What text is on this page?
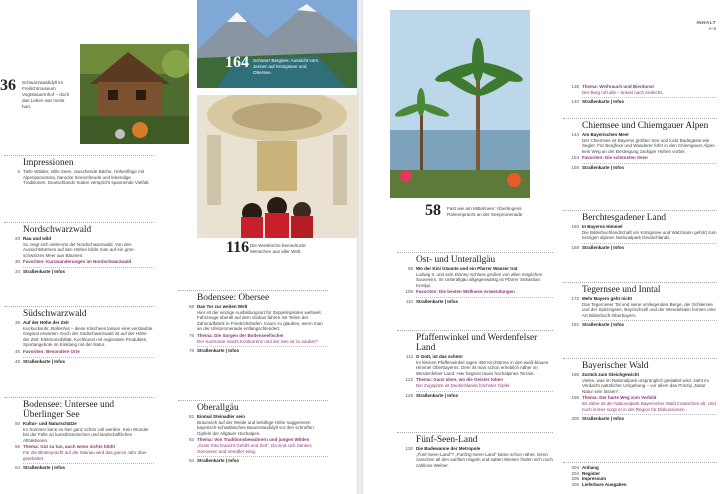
36 Schwarzwaldidyll im Freilichtmuseum Vogtsbauernhof – doch das Leben war meist hart.
164 Schöner Bergsee: Aussicht vom Jenner auf Königssee und Obersee.
116 Die Wieskirche beeindruckt Menschen aus aller Welt.
Impressionen
6 Tiefe Wälder, stille Seen, rauschende Bäche, Höhenflüge mit Alpenpanorama, barocke Sinnenfreude und lebendige Traditionen: Deutschlands Süden verspricht spannende Vielfalt.
Nordschwarzwald
20 Rau und wild
So zeigt sich vielerorts der Nordschwarzwald. Von den Aussichtstürmen auf den Höhen blickt man auf ein grün-schwarzes Meer aus Bäumen.
30 Favoriten: Kurzwanderungen im Nordschwarzwald
34 Straßenkarte | Infos
Südschwarzwald
36 Auf der Höhe der Zeit
Kuckucksuhr, Bollenhut – diese Klischees lassen eine verstaubte Gegend erwarten. Doch der Südschwarzwald ist auf der Höhe der Zeit: Elektromobilität, Kochkunst mit regionalen Produkten, Sportangebote im Einklang mit der Natur.
46 Favoriten: Besondere Orte
48 Straßenkarte | Infos
Bodensee: Untersee und Überlinger See
50 Kultur- und Naturschätze
Im Sommer kann es hier ganz schön voll werden. Kein Wunder bei der Fülle an kunsthistorischen und landschaftlichen Attraktionen.
56 Thema: Gut zu tun, auch wenn nichts blüht
Für die Blütenpracht auf der Mainau wird das ganze Jahr über gearbeitet.
64 Straßenkarte | Infos
Bodensee: Obersee
68 Das Tor zur weiten Welt
Hier ist der einzige Ausbildungsort für Zeppelinpiloten weltweit. Fahrzeuge überall auf dem Globus fahren mit Teilen der Zahnradfabrik in Friedrichshafen. Kaum zu glauben, wenn man an der Uferpromenade entlangschlendert.
76 Thema: Die Sorgen der Bodenseefischer
Der Kormoran macht Konkurrenz und der See ist zu sauber?
78 Straßenkarte | Infos
Oberallgäu
82 Einmal Steinadler sein
Braunvieh auf der Weide und beluftige Höhe suggerieren bayerisch-schwäbisches Bauernlandidyll vor den schroffen Gipfeln der Allgäuer Hochalpen.
92 Thema: Von Traditionsbewahrern und jungen Wilden
„Guter Käs braucht Gefühl und Zeit“. Da sind sich Senner, Genossen und Veredler einig.
94 Straßenkarte | Infos
INHALT
4–5
58 Fast wie am Mittelmeer: Überlingens Palmenpracht an der Seepromenade
Ost- und Unterallgäu
98 Wo der Kini träumte und ein Pfarrer Wasser trat
Ludwig II. und sein Disney-Schloss grüßen von allen möglichen Souvenirs. Im Unterallgäu allgegenwärtig ist Pfarrer Sebastian Kneipp.
108 Favoriten: Die besten Wellness-Anwendungen
110 Straßenkarte | Infos
Pfaffenwinkel und Werdenfelser Land
112 O Gott, ist das schön!
Im kleinen Pfaffenwinkel ragen 460 Kirchtürme in den weiß-blauen Himmel Oberbayerns. Dem ist man schon erheblich näher im Werdenfelser Land: Hier beginnt raues hochalpines Terrain.
122 Thema: Ganz oben, wo die Geister toben
Die Zugspitze ist Deutschlands höchster Gipfel.
126 Straßenkarte | Infos
Fünf-Seen-Land
130 Die Badewanne der Metropole
„Fünf-Seen-Land“? „Fünfzig-Seen-Land“ käme schon näher. Denn zwischen all den sanften Hügeln und satten Wiesen finden sich noch zahllose Weiher.
138 Thema: Weihrauch und Bierdunst
Der Berg ruft alle – kraxel nach Andechs.
140 Straßenkarte | Infos
Chiemsee und Chiemgauer Alpen
144 Am Bayerischen Meer
Der Chiemsee ist Bayerns größter See und lockt Badegäste wie Segler. Für Bergfexe und Wanderer führt in den Chiemgauer Alpen kein Weg an der Besteigung zackiger Höhen vorbei.
154 Favoriten: Die schönsten Seen
156 Straßenkarte | Infos
Berchtesgadener Land
160 In Bayerns Himmel
Die Bilderbuchlandschaft um Königssee und Watzmann gehört zum einzigen alpinen Nationalpark Deutschlands.
168 Straßenkarte | Infos
Tegernsee und Inntal
172 Mehr Bayern geht nicht
Das Tegernseer Tal und seine umliegenden Berge, der Schliersee und der Spitzingsee, Bayrischzell und der Wendelstein formen eine Art Bilderbuch-Oberbayern.
182 Straßenkarte | Infos
Bayerischer Wald
186 Zurück zum Gleichgewicht
Vieles, was im Nationalpark ursprünglich gestaltet wird, steht im Verdacht natürlicher Umgebung – vor allem das Prinzip „Natur Natur sein lassen“.
196 Thema: Der harte Weg zum Vorbild
50 Jahre ist der Nationalpark Bayerischer Wald inzwischen alt. Und noch immer sorgt er in der Region für Diskussionen.
200 Straßenkarte | Infos
204 Anhang
204 Register
205 Impressum
206 Lieferbare Ausgaben
